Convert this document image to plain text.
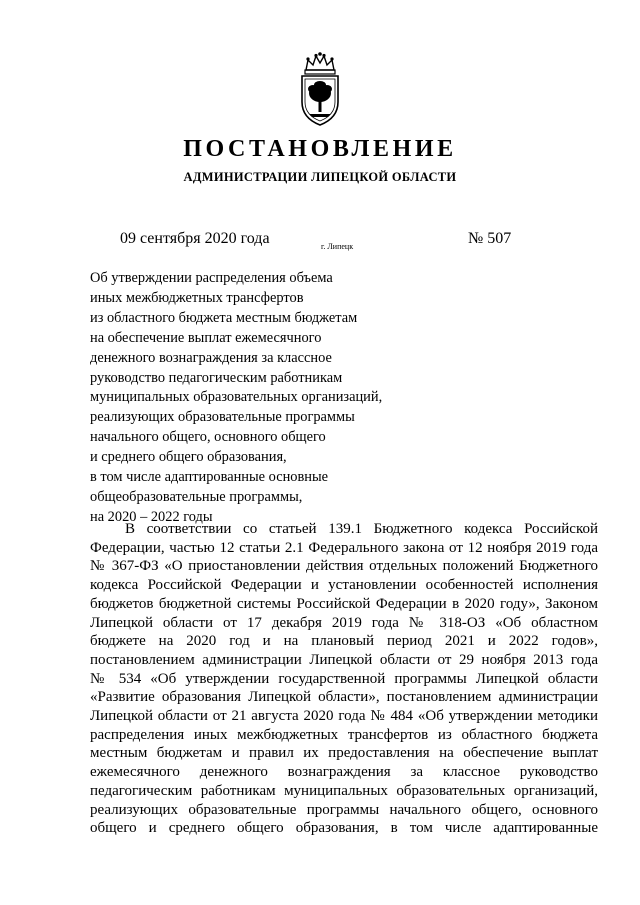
ПОСТАНОВЛЕНИЕ
АДМИНИСТРАЦИИ ЛИПЕЦКОЙ ОБЛАСТИ
09 сентября 2020 года	г. Липецк	№ 507
Об утверждении распределения объема
иных межбюджетных трансфертов
из областного бюджета местным бюджетам
на обеспечение выплат ежемесячного
денежного вознаграждения за классное
руководство педагогическим работникам
муниципальных образовательных организаций,
реализующих образовательные программы
начального общего, основного общего
и среднего общего образования,
в том числе адаптированные основные
общеобразовательные программы,
на 2020 – 2022 годы
В соответствии со статьей 139.1 Бюджетного кодекса Российской
Федерации, частью 12 статьи 2.1 Федерального закона от 12 ноября 2019 года
№ 367-ФЗ «О приостановлении действия отдельных положений Бюджетного
кодекса Российской Федерации и установлении особенностей исполнения
бюджетов бюджетной системы Российской Федерации в 2020 году», Законом
Липецкой области от 17 декабря 2019 года № 318-ОЗ «Об областном
бюджете на 2020 год и на плановый период 2021 и 2022 годов»,
постановлением администрации Липецкой области от 29 ноября 2013 года
№ 534 «Об утверждении государственной программы Липецкой области
«Развитие образования Липецкой области», постановлением администрации
Липецкой области от 21 августа 2020 года № 484 «Об утверждении методики
распределения иных межбюджетных трансфертов из областного бюджета
местным бюджетам и правил их предоставления на обеспечение выплат
ежемесячного денежного вознаграждения за классное руководство
педагогическим работникам муниципальных образовательных организаций,
реализующих образовательные программы начального общего, основного
общего и среднего общего образования, в том числе адаптированные
